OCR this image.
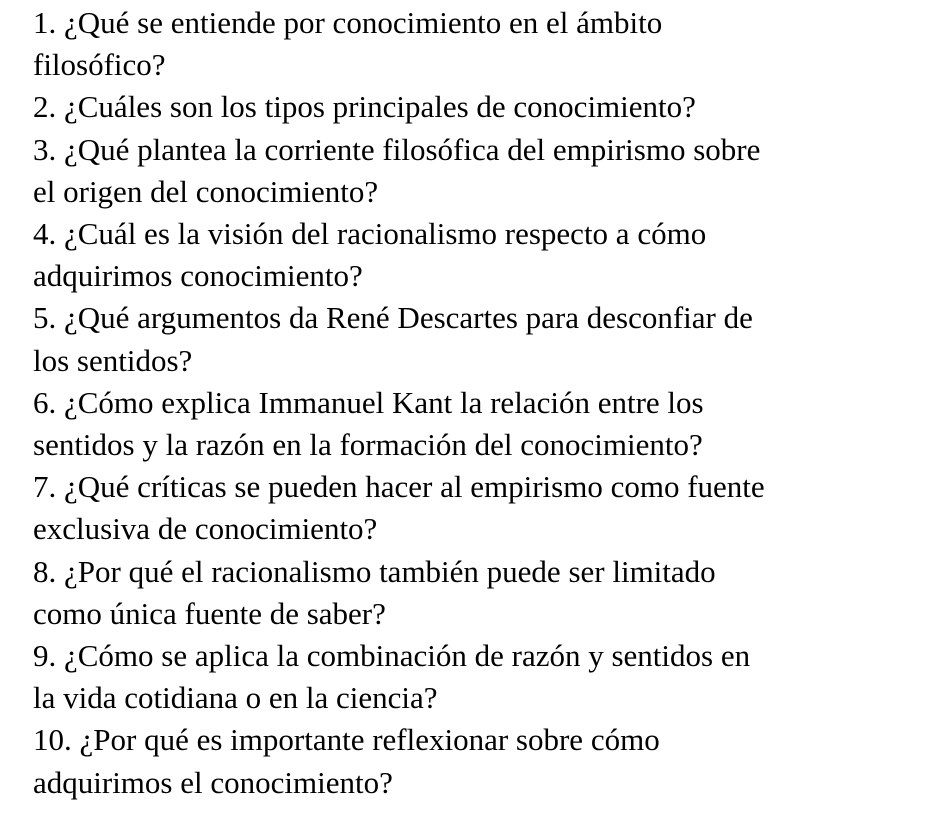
1. ¿Qué se entiende por conocimiento en el ámbito
filosófico?
2. ¿Cuáles son los tipos principales de conocimiento?
3. ¿Qué plantea la corriente filosófica del empirismo sobre
el origen del conocimiento?
4. ¿Cuál es la visión del racionalismo respecto a cómo
adquirimos conocimiento?
5. ¿Qué argumentos da René Descartes para desconfiar de
los sentidos?
6. ¿Cómo explica Immanuel Kant la relación entre los
sentidos y la razón en la formación del conocimiento?
7. ¿Qué críticas se pueden hacer al empirismo como fuente
exclusiva de conocimiento?
8. ¿Por qué el racionalismo también puede ser limitado
como única fuente de saber?
9. ¿Cómo se aplica la combinación de razón y sentidos en
la vida cotidiana o en la ciencia?
10. ¿Por qué es importante reflexionar sobre cómo
adquirimos el conocimiento?
